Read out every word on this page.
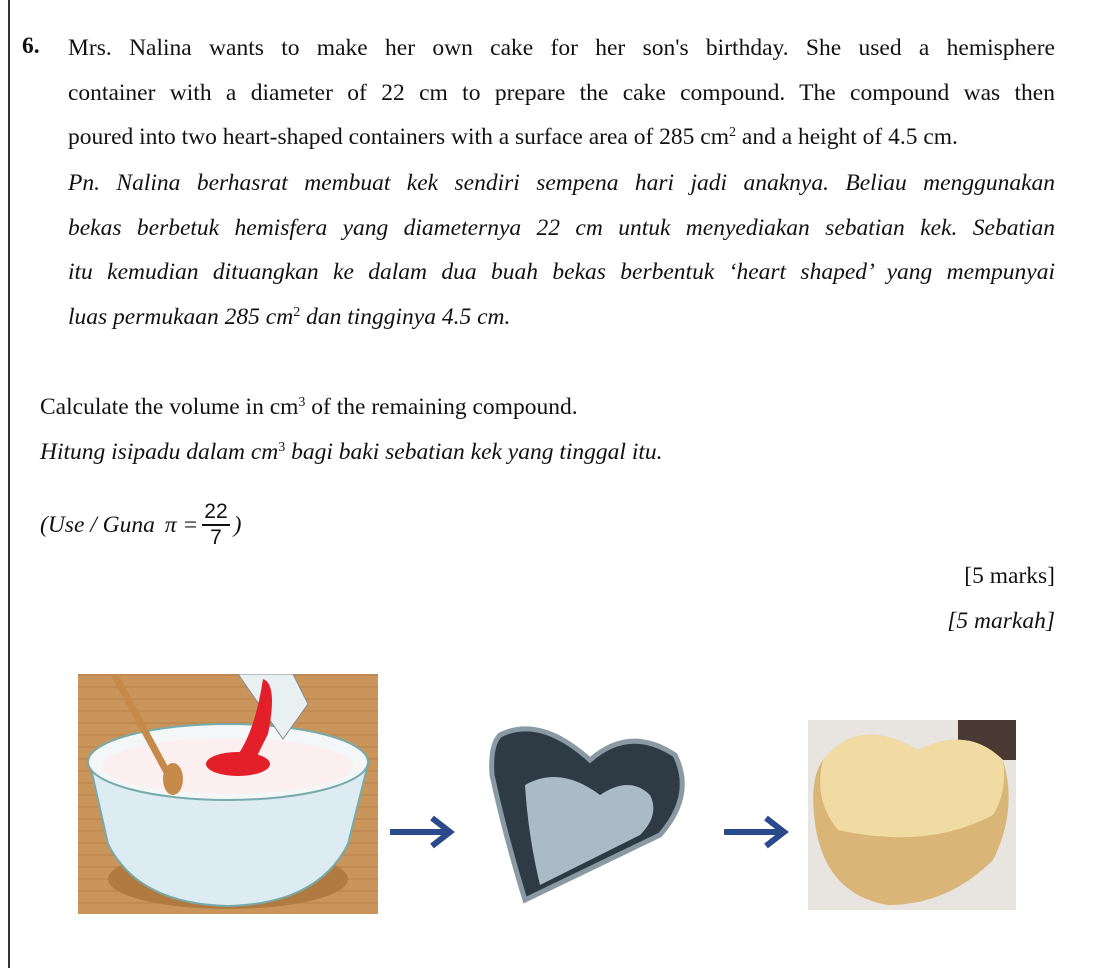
6. Mrs. Nalina wants to make her own cake for her son's birthday. She used a hemisphere
container with a diameter of 22 cm to prepare the cake compound. The compound was then
poured into two heart-shaped containers with a surface area of 285 $cm^2$ and a height of 4.5 cm.
Pn. Nalina berhasrat membuat kek sendiri sempena hari jadi anaknya. Beliau menggunakan
bekas berbetuk hemisfera yang diameternya 22 cm untuk menyediakan sebatian kek. Sebatian
itu kemudian dituangkan ke dalam dua buah bekas berbentuk ‘heart shaped’ yang mempunyai
luas permukaan 285 $cm^2$ dan tingginya 4.5 cm.
Calculate the volume in $cm^3$ of the remaining compound.
Hitung isipadu dalam $cm^3$ bagi baki sebatian kek yang tinggal itu.
(Use / Guna $\pi = \frac{22}{7}$ )
[5 marks]
[5 markah]
